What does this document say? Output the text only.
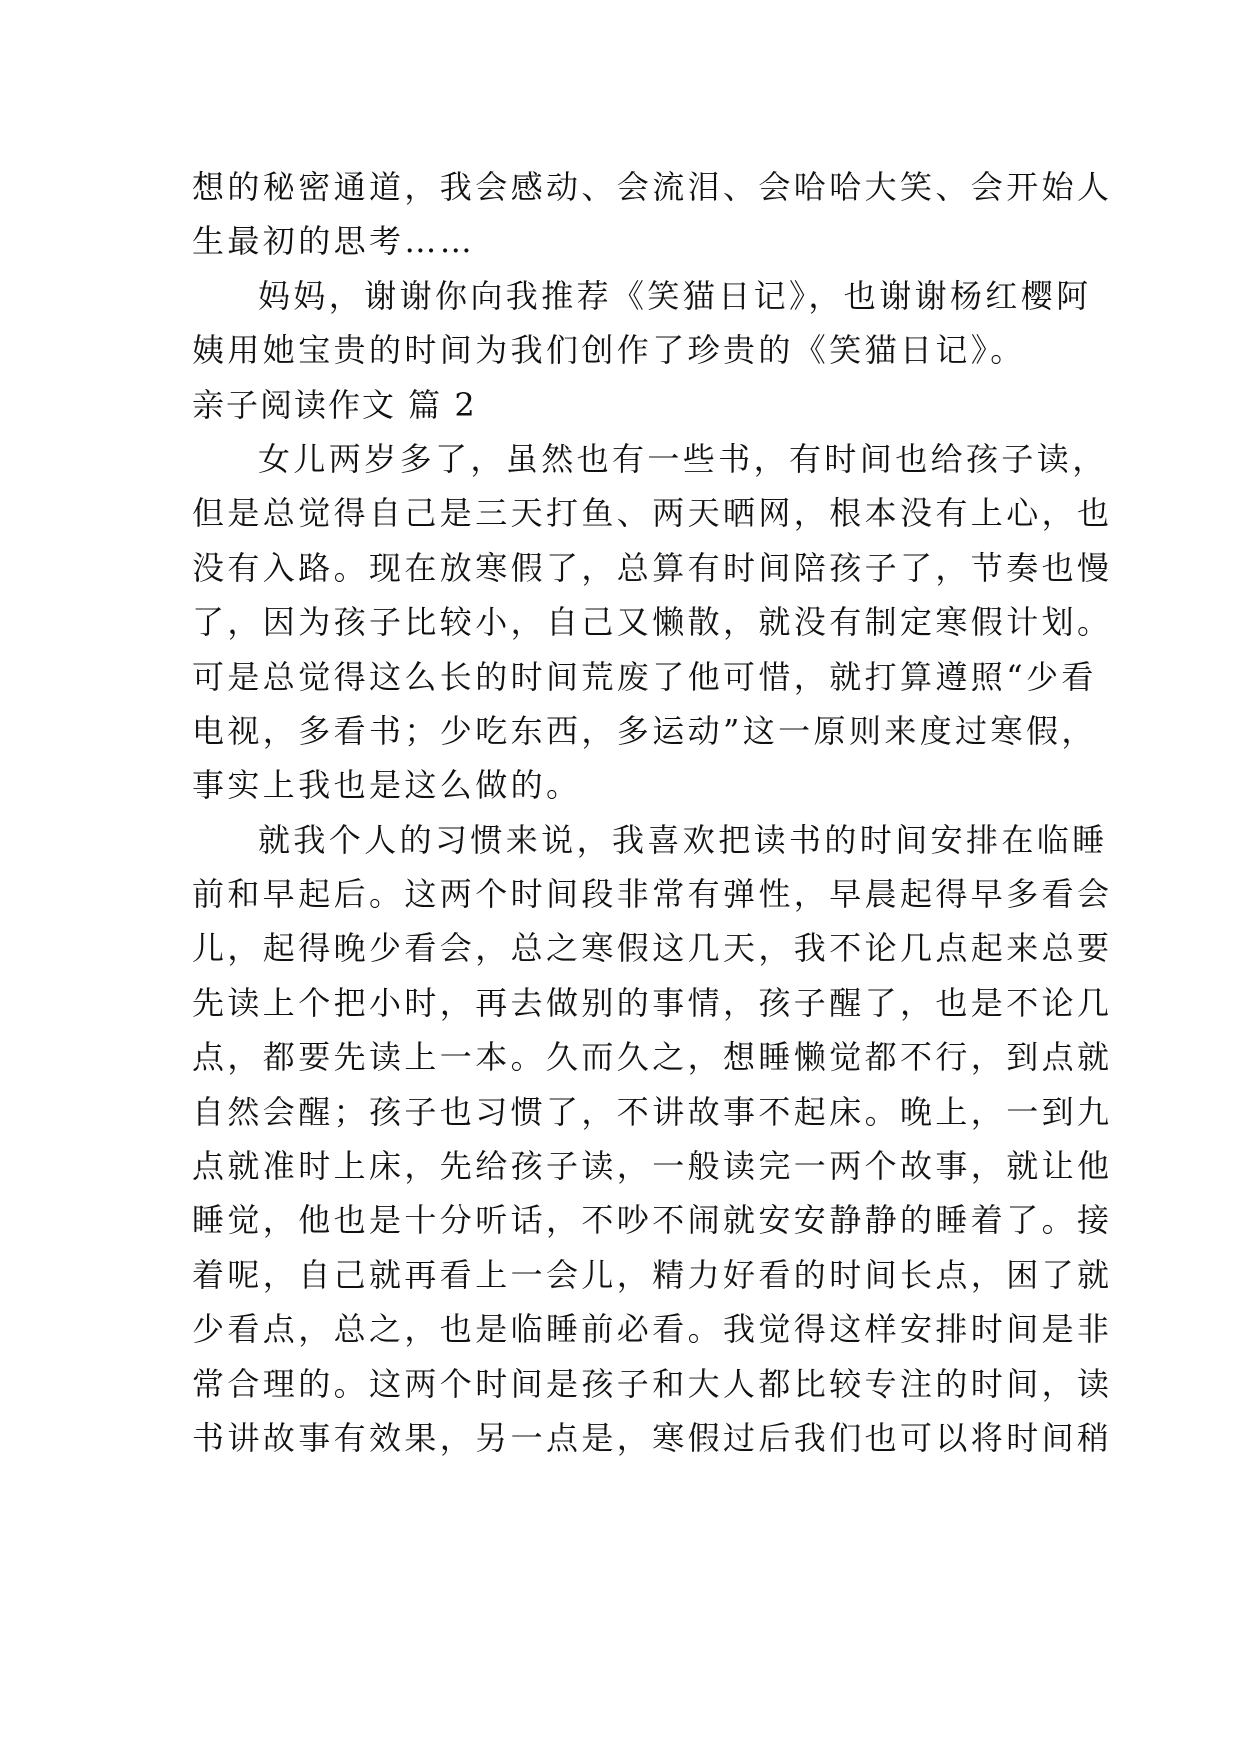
想的秘密通道，我会感动、会流泪、会哈哈大笑、会开始人
生最初的思考……
妈妈，谢谢你向我推荐《笑猫日记》，也谢谢杨红樱阿
姨用她宝贵的时间为我们创作了珍贵的《笑猫日记》。
亲子阅读作文 篇 2
女儿两岁多了，虽然也有一些书，有时间也给孩子读，
但是总觉得自己是三天打鱼、两天晒网，根本没有上心，也
没有入路。现在放寒假了，总算有时间陪孩子了，节奏也慢
了，因为孩子比较小，自己又懒散，就没有制定寒假计划。
可是总觉得这么长的时间荒废了他可惜，就打算遵照“少看
电视，多看书；少吃东西，多运动”这一原则来度过寒假，
事实上我也是这么做的。
就我个人的习惯来说，我喜欢把读书的时间安排在临睡
前和早起后。这两个时间段非常有弹性，早晨起得早多看会
儿，起得晚少看会，总之寒假这几天，我不论几点起来总要
先读上个把小时，再去做别的事情，孩子醒了，也是不论几
点，都要先读上一本。久而久之，想睡懒觉都不行，到点就
自然会醒；孩子也习惯了，不讲故事不起床。晚上，一到九
点就准时上床，先给孩子读，一般读完一两个故事，就让他
睡觉，他也是十分听话，不吵不闹就安安静静的睡着了。接
着呢，自己就再看上一会儿，精力好看的时间长点，困了就
少看点，总之，也是临睡前必看。我觉得这样安排时间是非
常合理的。这两个时间是孩子和大人都比较专注的时间，读
书讲故事有效果，另一点是，寒假过后我们也可以将时间稍
